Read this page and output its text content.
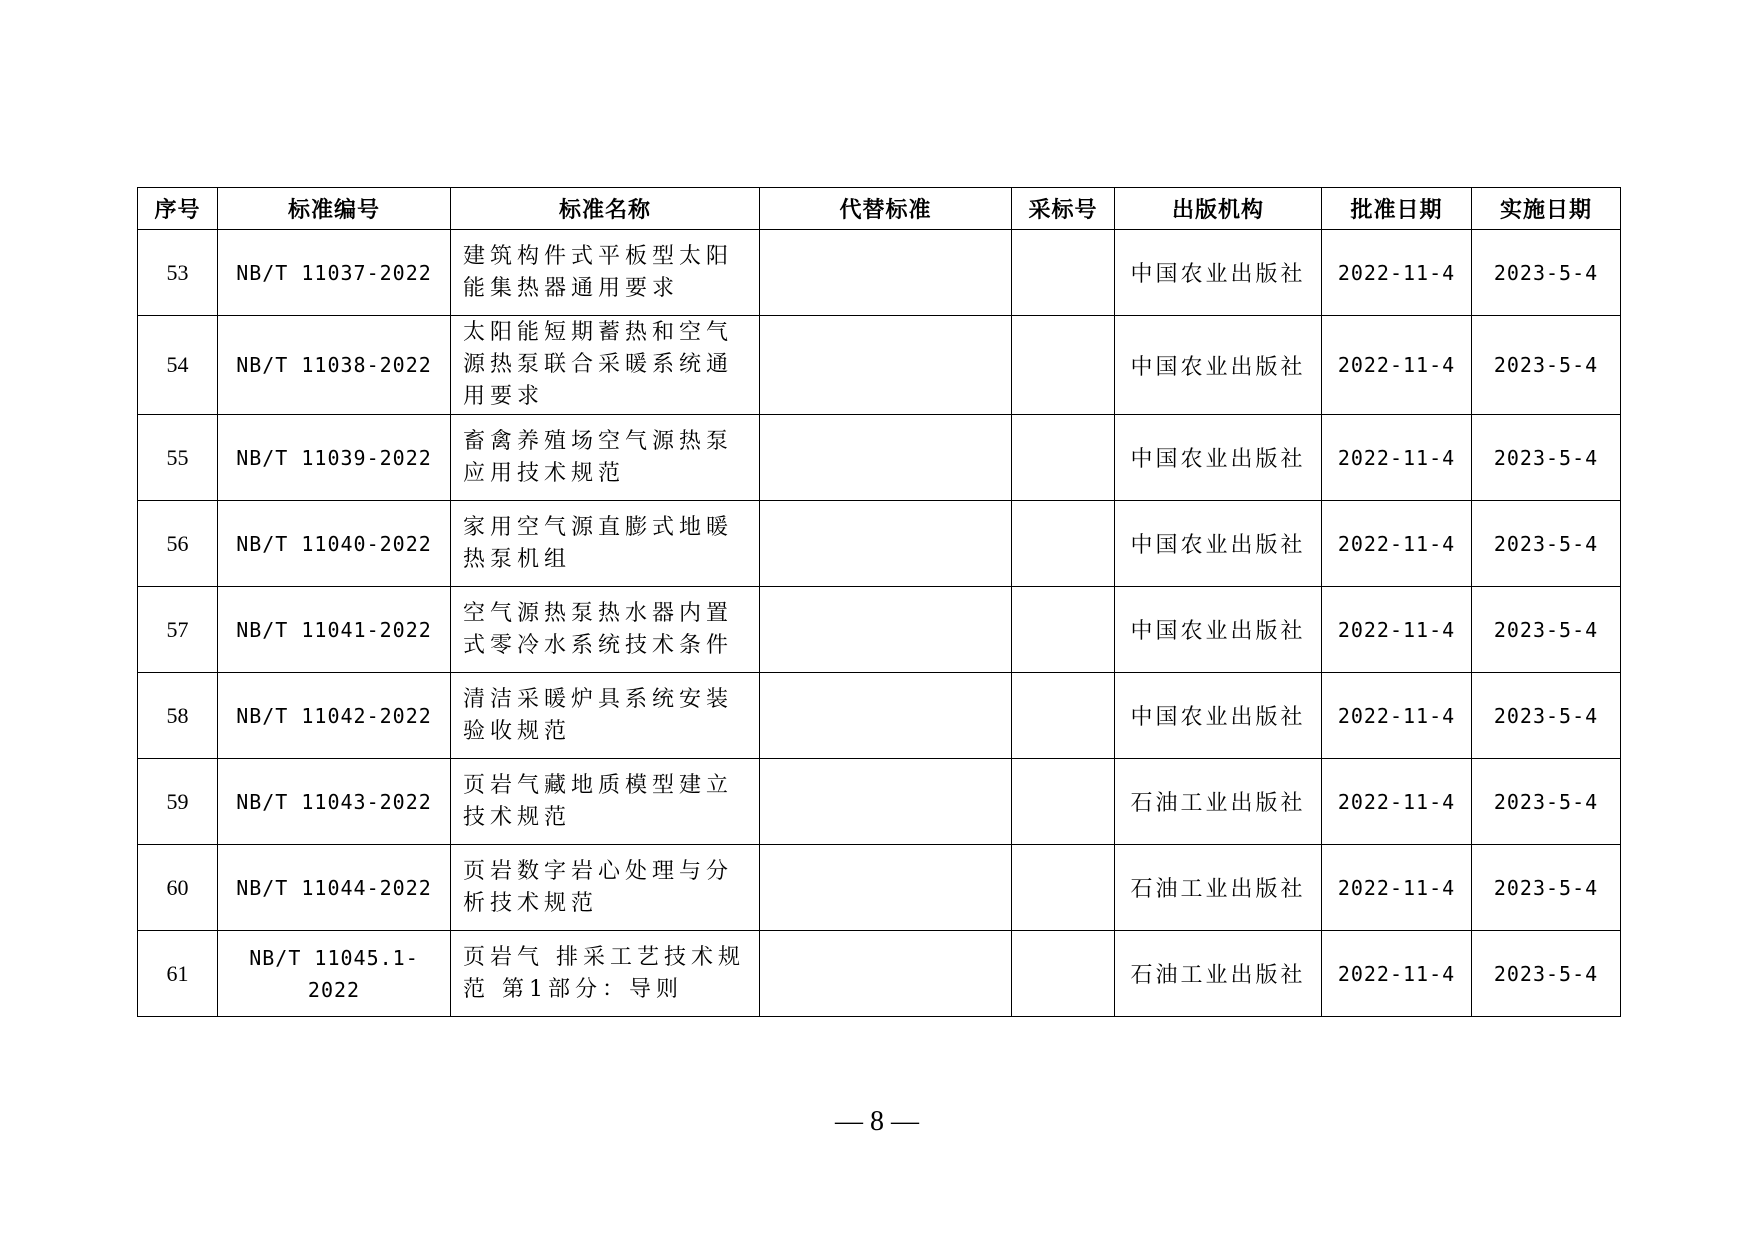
序号	标准编号	标准名称	代替标准	采标号	出版机构	批准日期	实施日期
53	NB/T 11037-2022	建筑构件式平板型太阳能集热器通用要求			中国农业出版社	2022-11-4	2023-5-4
54	NB/T 11038-2022	太阳能短期蓄热和空气源热泵联合采暖系统通用要求			中国农业出版社	2022-11-4	2023-5-4
55	NB/T 11039-2022	畜禽养殖场空气源热泵应用技术规范			中国农业出版社	2022-11-4	2023-5-4
56	NB/T 11040-2022	家用空气源直膨式地暖热泵机组			中国农业出版社	2022-11-4	2023-5-4
57	NB/T 11041-2022	空气源热泵热水器内置式零冷水系统技术条件			中国农业出版社	2022-11-4	2023-5-4
58	NB/T 11042-2022	清洁采暖炉具系统安装验收规范			中国农业出版社	2022-11-4	2023-5-4
59	NB/T 11043-2022	页岩气藏地质模型建立技术规范			石油工业出版社	2022-11-4	2023-5-4
60	NB/T 11044-2022	页岩数字岩心处理与分析技术规范			石油工业出版社	2022-11-4	2023-5-4
61	NB/T 11045.1-2022	页岩气 排采工艺技术规范 第1部分：导则			石油工业出版社	2022-11-4	2023-5-4
— 8 —
